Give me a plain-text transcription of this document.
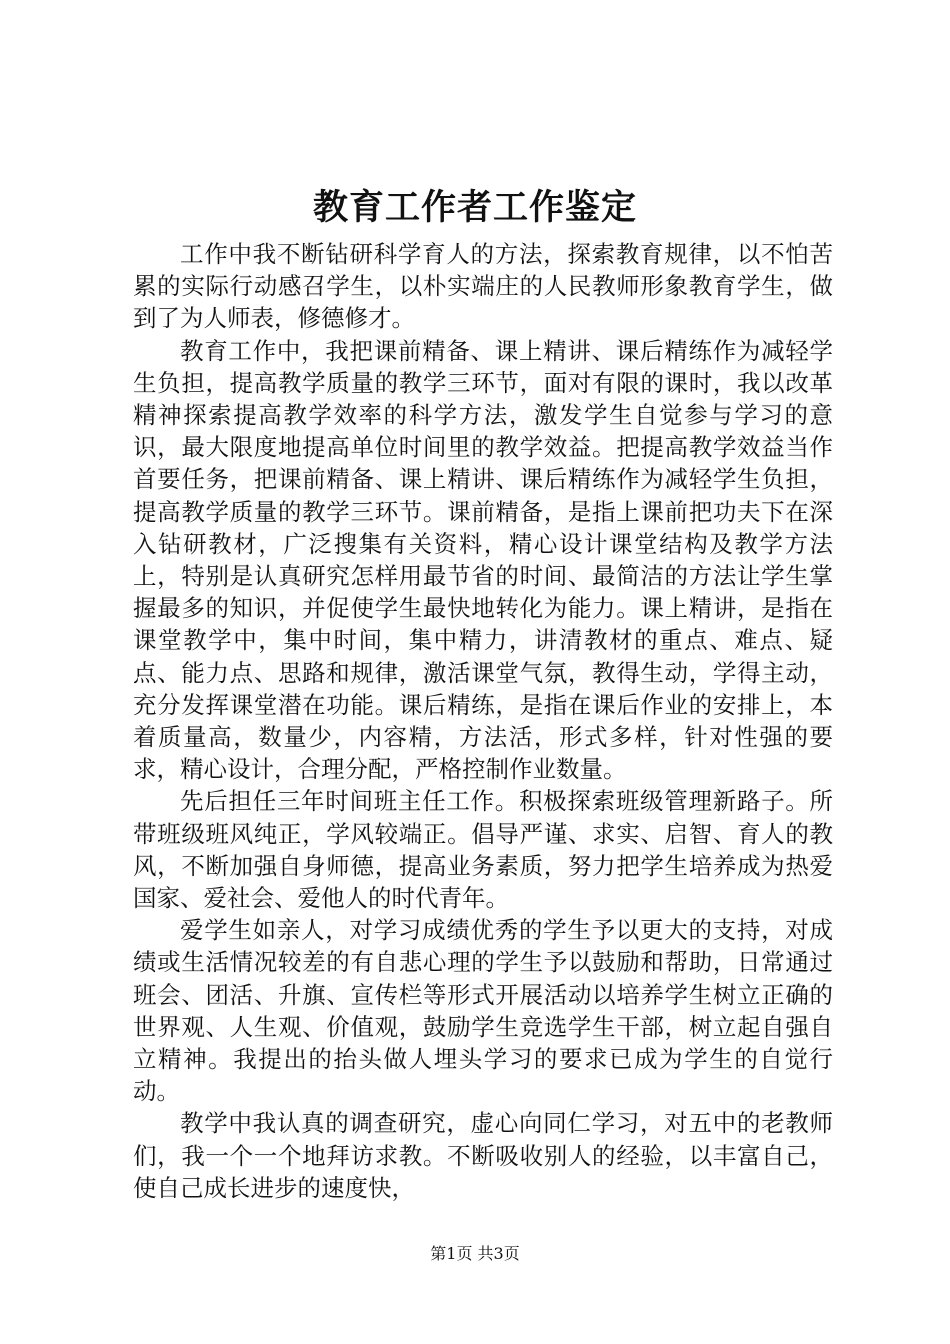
教育工作者工作鉴定

工作中我不断钻研科学育人的方法，探索教育规律，以不怕苦累的实际行动感召学生，以朴实端庄的人民教师形象教育学生，做到了为人师表，修德修才。

教育工作中，我把课前精备、课上精讲、课后精练作为减轻学生负担，提高教学质量的教学三环节，面对有限的课时，我以改革精神探索提高教学效率的科学方法，激发学生自觉参与学习的意识，最大限度地提高单位时间里的教学效益。把提高教学效益当作首要任务，把课前精备、课上精讲、课后精练作为减轻学生负担，提高教学质量的教学三环节。课前精备，是指上课前把功夫下在深入钻研教材，广泛搜集有关资料，精心设计课堂结构及教学方法上，特别是认真研究怎样用最节省的时间、最简洁的方法让学生掌握最多的知识，并促使学生最快地转化为能力。课上精讲，是指在课堂教学中，集中时间，集中精力，讲清教材的重点、难点、疑点、能力点、思路和规律，激活课堂气氛，教得生动，学得主动，充分发挥课堂潜在功能。课后精练，是指在课后作业的安排上，本着质量高，数量少，内容精，方法活，形式多样，针对性强的要求，精心设计，合理分配，严格控制作业数量。

先后担任三年时间班主任工作。积极探索班级管理新路子。所带班级班风纯正，学风较端正。倡导严谨、求实、启智、育人的教风，不断加强自身师德，提高业务素质，努力把学生培养成为热爱国家、爱社会、爱他人的时代青年。

爱学生如亲人，对学习成绩优秀的学生予以更大的支持，对成绩或生活情况较差的有自悲心理的学生予以鼓励和帮助，日常通过班会、团活、升旗、宣传栏等形式开展活动以培养学生树立正确的世界观、人生观、价值观，鼓励学生竞选学生干部，树立起自强自立精神。我提出的抬头做人埋头学习的要求已成为学生的自觉行动。

教学中我认真的调查研究，虚心向同仁学习，对五中的老教师们，我一个一个地拜访求教。不断吸收别人的经验，以丰富自己，使自己成长进步的速度快，

第1页 共3页
